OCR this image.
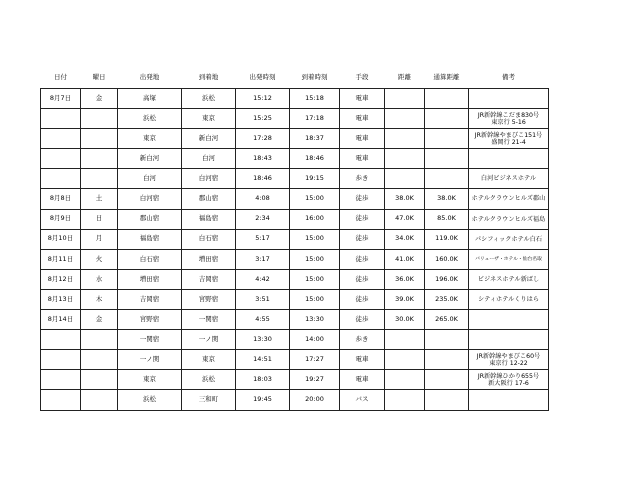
日付	曜日	出発地	到着地	出発時刻	到着時刻	手段	距離	通算距離	備考
8月7日	金	高塚	浜松	15:12	15:18	電車			
		浜松	東京	15:25	17:18	電車			JR新幹線こだま830号
東京行 5-16
		東京	新白河	17:28	18:37	電車			JR新幹線やまびこ151号
盛岡行 21-4
		新白河	白河	18:43	18:46	電車			
		白河	白河宿	18:46	19:15	歩き			白河ビジネスホテル
8月8日	土	白河宿	郡山宿	4:08	15:00	徒歩	38.0K	38.0K	ホテルクラウンヒルズ郡山
8月9日	日	郡山宿	福島宿	2:34	16:00	徒歩	47.0K	85.0K	ホテルクラウンヒルズ福島
8月10日	月	福島宿	白石宿	5:17	15:00	徒歩	34.0K	119.0K	パシフィックホテル白石
8月11日	火	白石宿	増田宿	3:17	15:00	徒歩	41.0K	160.0K	バリューザ・ホテル・仙台名取
8月12日	水	増田宿	吉岡宿	4:42	15:00	徒歩	36.0K	196.0K	ビジネスホテル新ばし
8月13日	木	吉岡宿	宮野宿	3:51	15:00	徒歩	39.0K	235.0K	シティホテルくりはら
8月14日	金	宮野宿	一関宿	4:55	13:30	徒歩	30.0K	265.0K	
		一関宿	一ノ関	13:30	14:00	歩き			
		一ノ関	東京	14:51	17:27	電車			JR新幹線やまびこ60号
東京行 12-22
		東京	浜松	18:03	19:27	電車			JR新幹線ひかり655号
新大阪行 17-6
		浜松	三和町	19:45	20:00	バス			
